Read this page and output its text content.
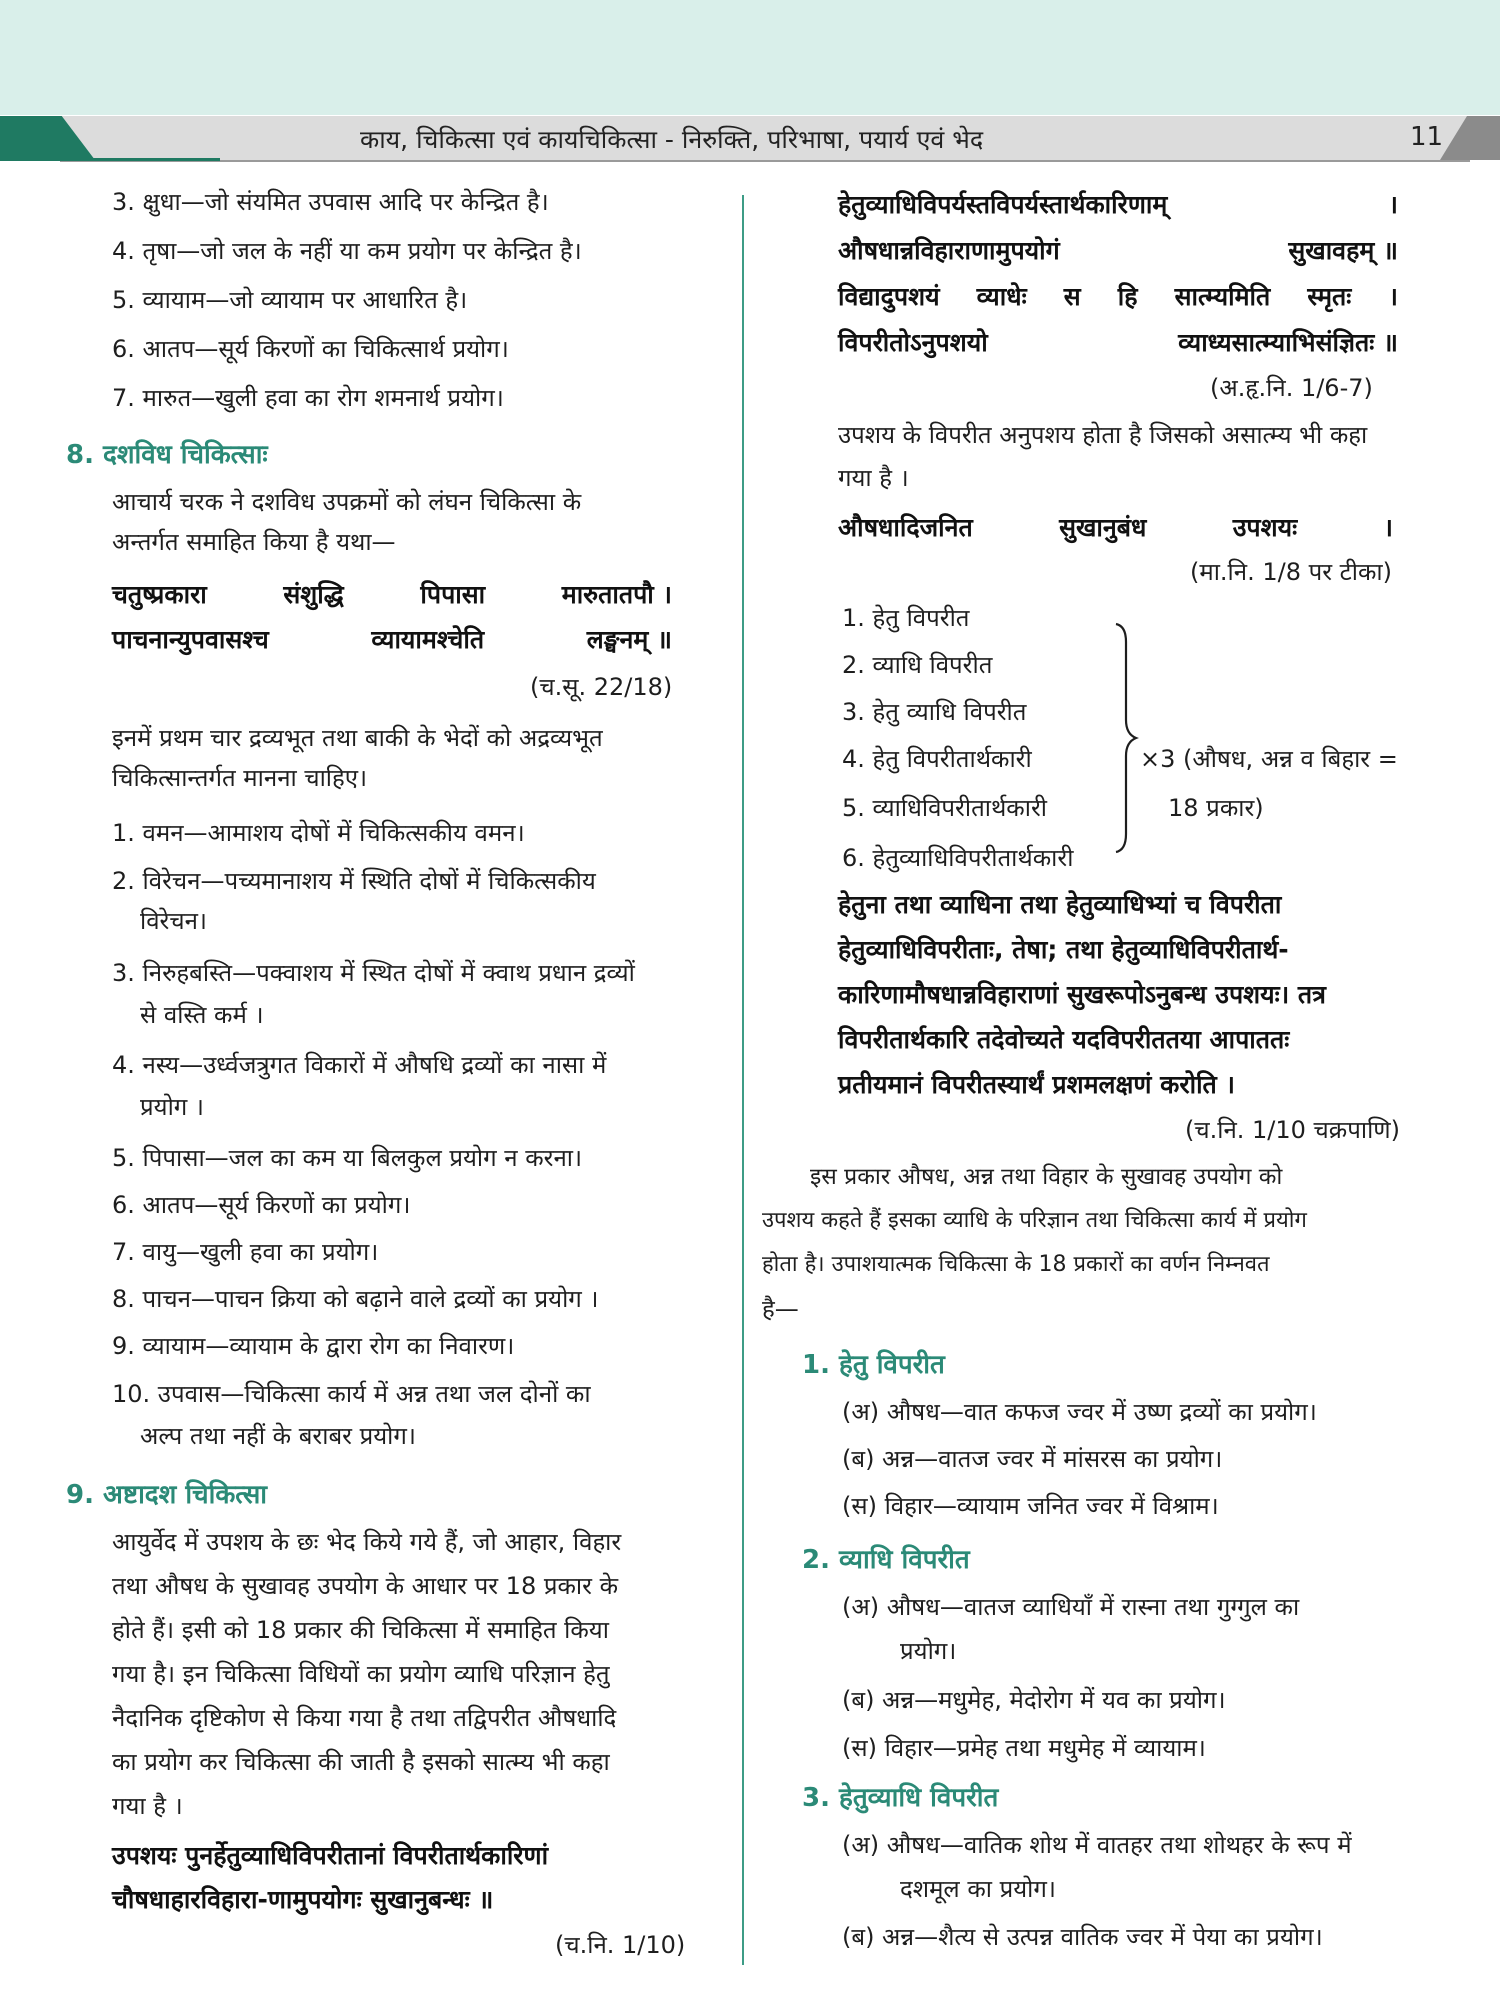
काय, चिकित्सा एवं कायचिकित्सा - निरुक्ति, परिभाषा, पयार्य एवं भेद	11
3. क्षुधा—जो संयमित उपवास आदि पर केन्द्रित है।
4. तृषा—जो जल के नहीं या कम प्रयोग पर केन्द्रित है।
5. व्यायाम—जो व्यायाम पर आधारित है।
6. आतप—सूर्य किरणों का चिकित्सार्थ प्रयोग।
7. मारुत—खुली हवा का रोग शमनार्थ प्रयोग।
8. दशविध चिकित्साः
आचार्य चरक ने दशविध उपक्रमों को लंघन चिकित्सा के
अन्तर्गत समाहित किया है यथा—
चतुष्प्रकारा	संशुद्धि	पिपासा	मारुतातपौ ।
पाचनान्युपवासश्च	व्यायामश्चेति	लङ्घनम् ॥
(च.सू. 22/18)
इनमें प्रथम चार द्रव्यभूत तथा बाकी के भेदों को अद्रव्यभूत
चिकित्सान्तर्गत मानना चाहिए।
1. वमन—आमाशय दोषों में चिकित्सकीय वमन।
2. विरेचन—पच्यमानाशय में स्थिति दोषों में चिकित्सकीय
विरेचन।
3. निरुहबस्ति—पक्वाशय में स्थित दोषों में क्वाथ प्रधान द्रव्यों
से वस्ति कर्म ।
4. नस्य—उर्ध्वजत्रुगत विकारों में औषधि द्रव्यों का नासा में
प्रयोग ।
5. पिपासा—जल का कम या बिलकुल प्रयोग न करना।
6. आतप—सूर्य किरणों का प्रयोग।
7. वायु—खुली हवा का प्रयोग।
8. पाचन—पाचन क्रिया को बढ़ाने वाले द्रव्यों का प्रयोग ।
9. व्यायाम—व्यायाम के द्वारा रोग का निवारण।
10. उपवास—चिकित्सा कार्य में अन्न तथा जल दोनों का
अल्प तथा नहीं के बराबर प्रयोग।
9. अष्टादश चिकित्सा
आयुर्वेद में उपशय के छः भेद किये गये हैं, जो आहार, विहार
तथा औषध के सुखावह उपयोग के आधार पर 18 प्रकार के
होते हैं। इसी को 18 प्रकार की चिकित्सा में समाहित किया
गया है। इन चिकित्सा विधियों का प्रयोग व्याधि परिज्ञान हेतु
नैदानिक दृष्टिकोण से किया गया है तथा तद्विपरीत औषधादि
का प्रयोग कर चिकित्सा की जाती है इसको सात्म्य भी कहा
गया है ।
उपशयः पुनर्हेतुव्याधिविपरीतानां विपरीतार्थकारिणां
चौषधाहारविहारा-णामुपयोगः सुखानुबन्धः ॥
(च.नि. 1/10)
हेतुव्याधिविपर्यस्तविपर्यस्तार्थकारिणाम्	।
औषधान्नविहाराणामुपयोगं	सुखावहम् ॥
विद्यादुपशयं व्याधेः स हि सात्म्यमिति स्मृतः ।
विपरीतोऽनुपशयो	व्याध्यसात्म्याभिसंज्ञितः ॥
(अ.हृ.नि. 1/6-7)
उपशय के विपरीत अनुपशय होता है जिसको असात्म्य भी कहा
गया है ।
औषधादिजनित	सुखानुबंध	उपशयः	।
(मा.नि. 1/8 पर टीका)
1. हेतु विपरीत
2. व्याधि विपरीत
3. हेतु व्याधि विपरीत
4. हेतु विपरीतार्थकारी
5. व्याधिविपरीतार्थकारी
6. हेतुव्याधिविपरीतार्थकारी
×3 (औषध, अन्न व बिहार =
18 प्रकार)
हेतुना तथा व्याधिना तथा हेतुव्याधिभ्यां च विपरीता
हेतुव्याधिविपरीताः, तेषा; तथा हेतुव्याधिविपरीतार्थ-
कारिणामौषधान्नविहाराणां सुखरूपोऽनुबन्ध उपशयः। तत्र
विपरीतार्थकारि तदेवोच्यते यदविपरीततया आपाततः
प्रतीयमानं विपरीतस्यार्थं प्रशमलक्षणं करोति ।
(च.नि. 1/10 चक्रपाणि)
इस प्रकार औषध, अन्न तथा विहार के सुखावह उपयोग को
उपशय कहते हैं इसका व्याधि के परिज्ञान तथा चिकित्सा कार्य में प्रयोग
होता है। उपाशयात्मक चिकित्सा के 18 प्रकारों का वर्णन निम्नवत
है—
1. हेतु विपरीत
(अ) औषध—वात कफज ज्वर में उष्ण द्रव्यों का प्रयोग।
(ब) अन्न—वातज ज्वर में मांसरस का प्रयोग।
(स) विहार—व्यायाम जनित ज्वर में विश्राम।
2. व्याधि विपरीत
(अ) औषध—वातज व्याधियाँ में रास्ना तथा गुग्गुल का
प्रयोग।
(ब) अन्न—मधुमेह, मेदोरोग में यव का प्रयोग।
(स) विहार—प्रमेह तथा मधुमेह में व्यायाम।
3. हेतुव्याधि विपरीत
(अ) औषध—वातिक शोथ में वातहर तथा शोथहर के रूप में
दशमूल का प्रयोग।
(ब) अन्न—शैत्य से उत्पन्न वातिक ज्वर में पेया का प्रयोग।
